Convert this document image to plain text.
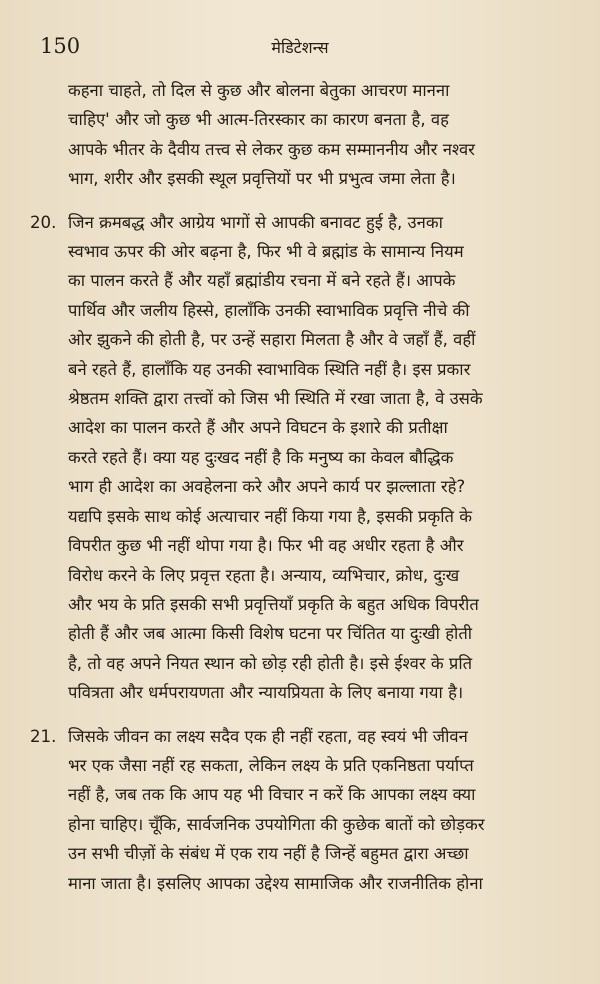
150	मेडिटेशन्स
कहना चाहते, तो दिल से कुछ और बोलना बेतुका आचरण मानना
चाहिए' और जो कुछ भी आत्म-तिरस्कार का कारण बनता है, वह
आपके भीतर के दैवीय तत्त्व से लेकर कुछ कम सम्माननीय और नश्वर
भाग, शरीर और इसकी स्थूल प्रवृत्तियों पर भी प्रभुत्व जमा लेता है।
20. जिन क्रमबद्ध और आग्रेय भागों से आपकी बनावट हुई है, उनका
स्वभाव ऊपर की ओर बढ़ना है, फिर भी वे ब्रह्मांड के सामान्य नियम
का पालन करते हैं और यहाँ ब्रह्मांडीय रचना में बने रहते हैं। आपके
पार्थिव और जलीय हिस्से, हालाँकि उनकी स्वाभाविक प्रवृत्ति नीचे की
ओर झुकने की होती है, पर उन्हें सहारा मिलता है और वे जहाँ हैं, वहीं
बने रहते हैं, हालाँकि यह उनकी स्वाभाविक स्थिति नहीं है। इस प्रकार
श्रेष्ठतम शक्ति द्वारा तत्त्वों को जिस भी स्थिति में रखा जाता है, वे उसके
आदेश का पालन करते हैं और अपने विघटन के इशारे की प्रतीक्षा
करते रहते हैं। क्या यह दुःखद नहीं है कि मनुष्य का केवल बौद्धिक
भाग ही आदेश का अवहेलना करे और अपने कार्य पर झल्लाता रहे?
यद्यपि इसके साथ कोई अत्याचार नहीं किया गया है, इसकी प्रकृति के
विपरीत कुछ भी नहीं थोपा गया है। फिर भी वह अधीर रहता है और
विरोध करने के लिए प्रवृत्त रहता है। अन्याय, व्यभिचार, क्रोध, दुःख
और भय के प्रति इसकी सभी प्रवृत्तियाँ प्रकृति के बहुत अधिक विपरीत
होती हैं और जब आत्मा किसी विशेष घटना पर चिंतित या दुःखी होती
है, तो वह अपने नियत स्थान को छोड़ रही होती है। इसे ईश्वर के प्रति
पवित्रता और धर्मपरायणता और न्यायप्रियता के लिए बनाया गया है।
21. जिसके जीवन का लक्ष्य सदैव एक ही नहीं रहता, वह स्वयं भी जीवन
भर एक जैसा नहीं रह सकता, लेकिन लक्ष्य के प्रति एकनिष्ठता पर्याप्त
नहीं है, जब तक कि आप यह भी विचार न करें कि आपका लक्ष्य क्या
होना चाहिए। चूँकि, सार्वजनिक उपयोगिता की कुछेक बातों को छोड़कर
उन सभी चीज़ों के संबंध में एक राय नहीं है जिन्हें बहुमत द्वारा अच्छा
माना जाता है। इसलिए आपका उद्देश्य सामाजिक और राजनीतिक होना
